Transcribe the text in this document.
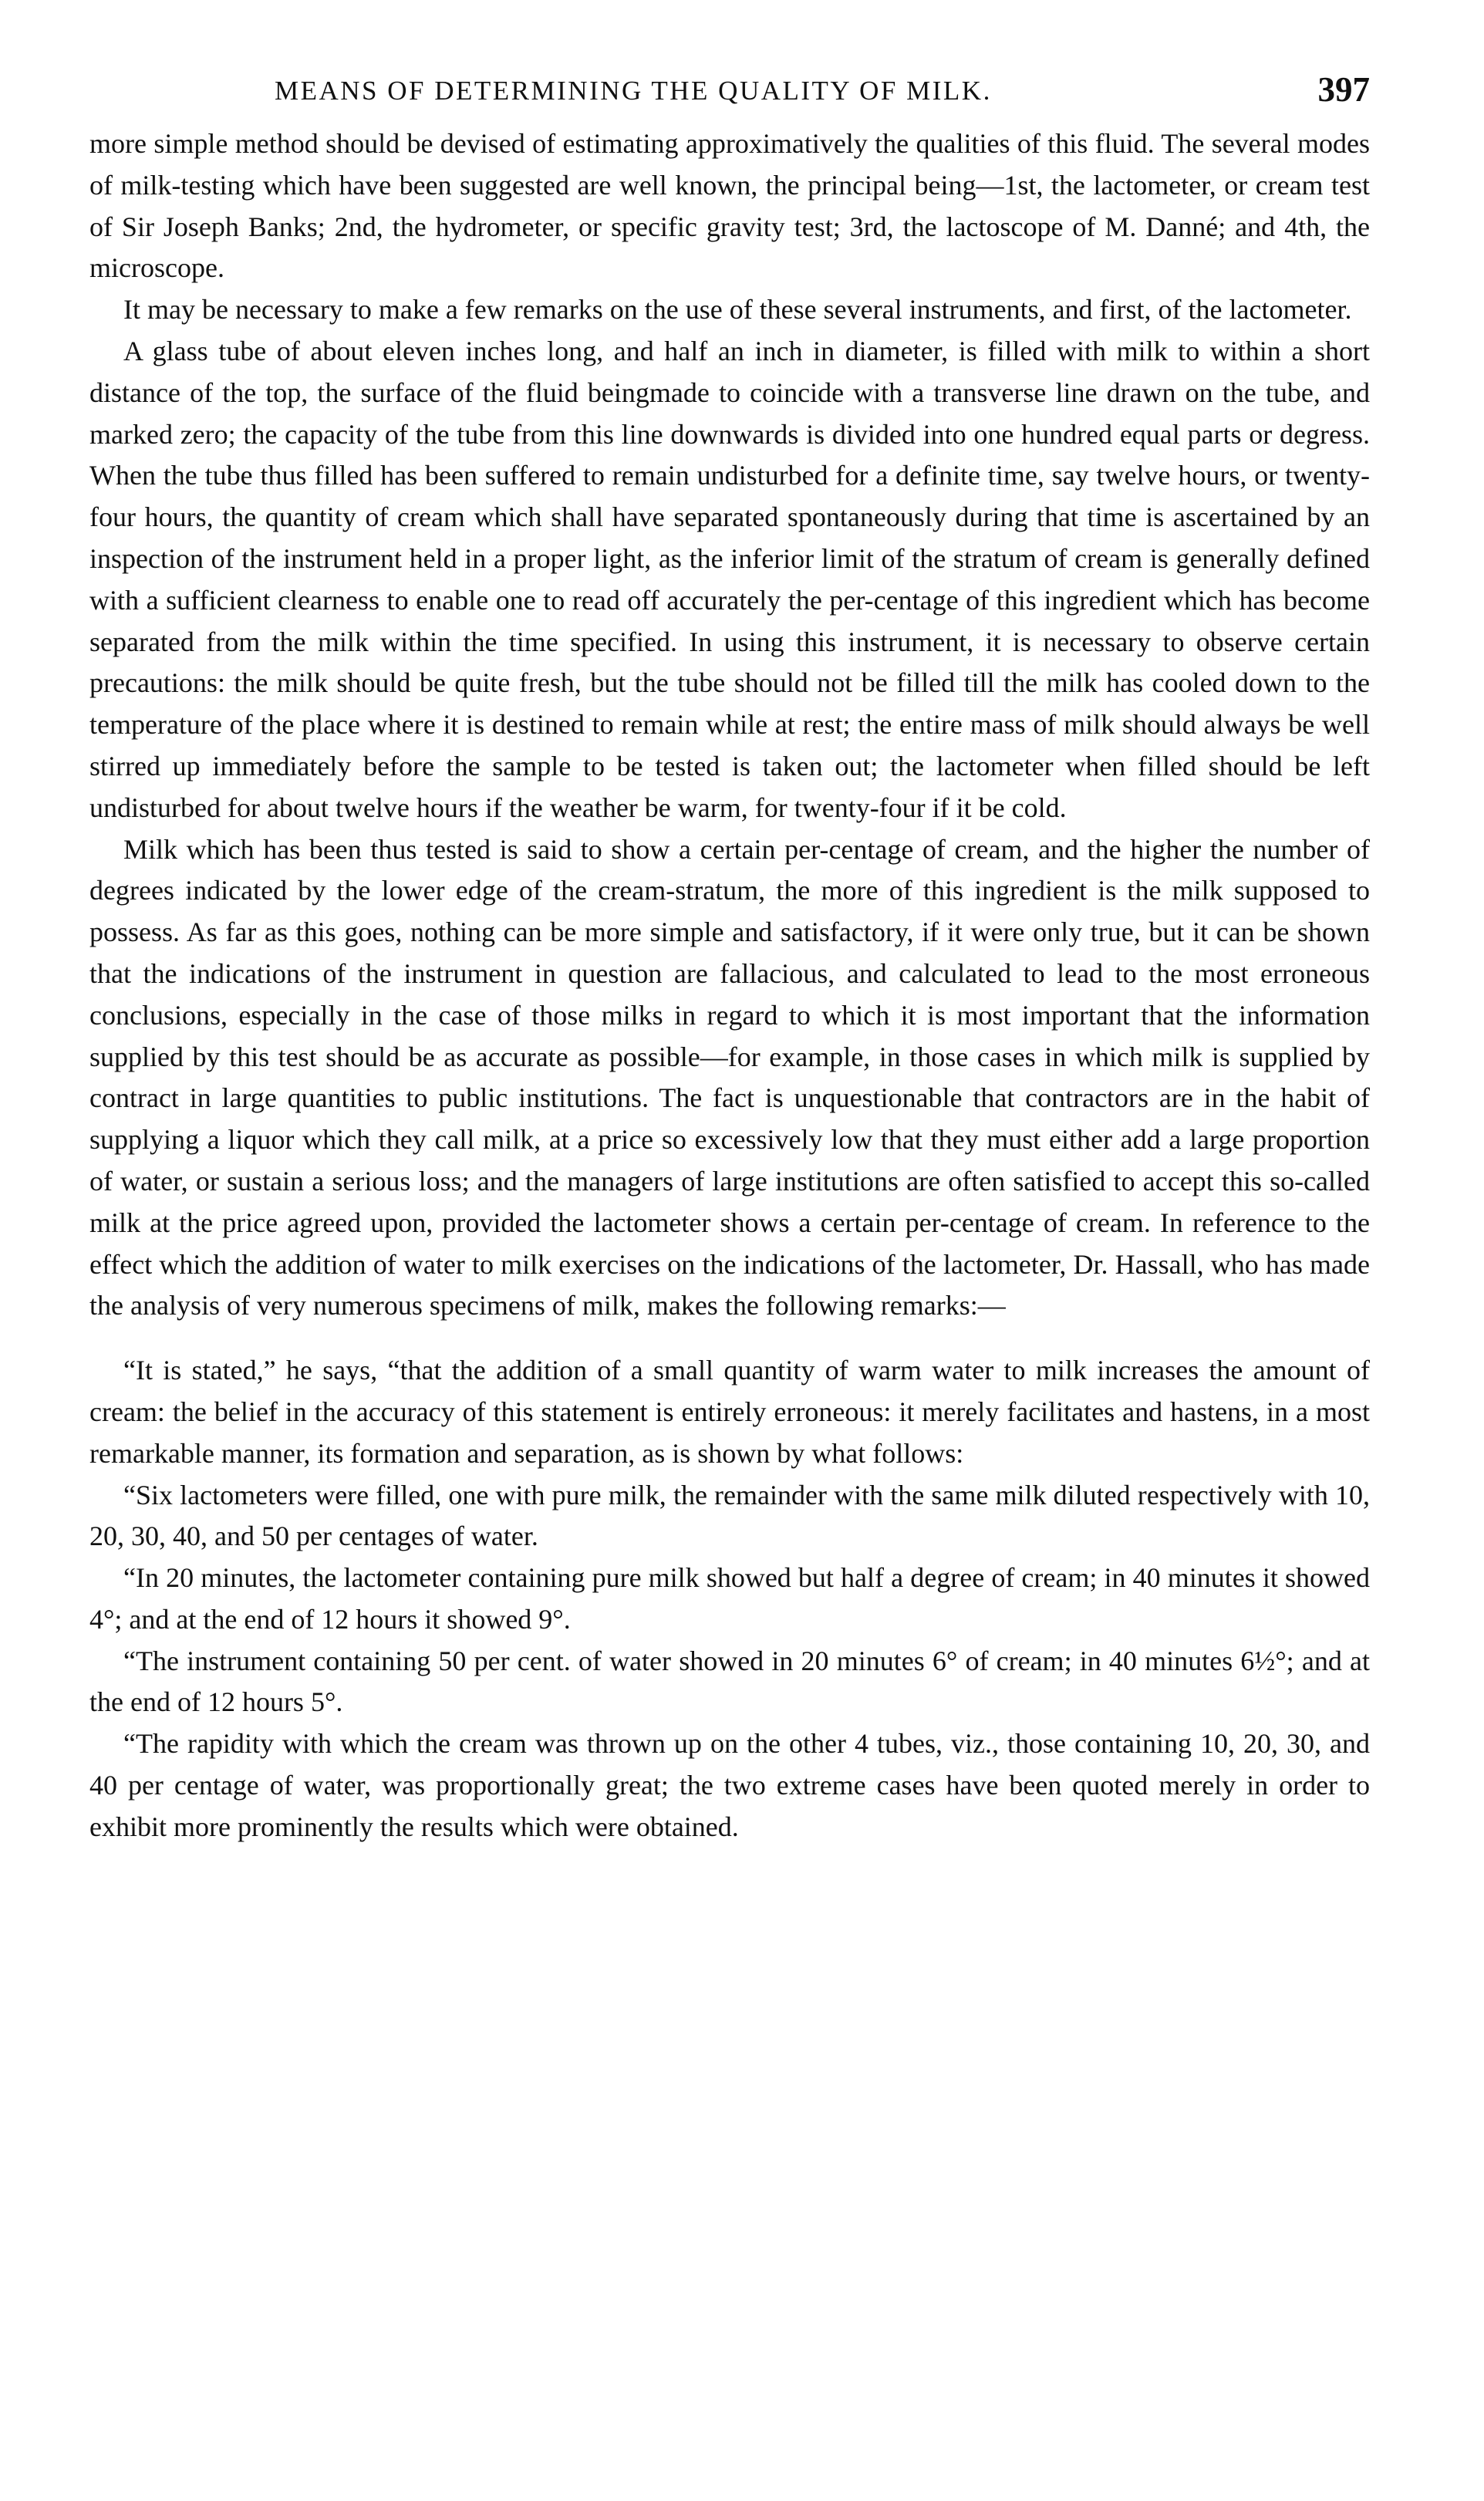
MEANS OF DETERMINING THE QUALITY OF MILK.	397

more simple method should be devised of estimating approximatively the qualities of this fluid. The several modes of milk-testing which have been suggested are well known, the principal being—1st, the lactometer, or cream test of Sir Joseph Banks; 2nd, the hydrometer, or specific gravity test; 3rd, the lactoscope of M. Danné; and 4th, the microscope.

It may be necessary to make a few remarks on the use of these several instruments, and first, of the lactometer.

A glass tube of about eleven inches long, and half an inch in diameter, is filled with milk to within a short distance of the top, the surface of the fluid beingmade to coincide with a transverse line drawn on the tube, and marked zero; the capacity of the tube from this line downwards is divided into one hundred equal parts or degress. When the tube thus filled has been suffered to remain undisturbed for a definite time, say twelve hours, or twenty-four hours, the quantity of cream which shall have separated spontaneously during that time is ascertained by an inspection of the instrument held in a proper light, as the inferior limit of the stratum of cream is generally defined with a sufficient clearness to enable one to read off accurately the per-centage of this ingredient which has become separated from the milk within the time specified. In using this instrument, it is necessary to observe certain precautions: the milk should be quite fresh, but the tube should not be filled till the milk has cooled down to the temperature of the place where it is destined to remain while at rest; the entire mass of milk should always be well stirred up immediately before the sample to be tested is taken out; the lactometer when filled should be left undisturbed for about twelve hours if the weather be warm, for twenty-four if it be cold.

Milk which has been thus tested is said to show a certain per-centage of cream, and the higher the number of degrees indicated by the lower edge of the cream-stratum, the more of this ingredient is the milk supposed to possess. As far as this goes, nothing can be more simple and satisfactory, if it were only true, but it can be shown that the indications of the instrument in question are fallacious, and calculated to lead to the most erroneous conclusions, especially in the case of those milks in regard to which it is most important that the information supplied by this test should be as accurate as possible—for example, in those cases in which milk is supplied by contract in large quantities to public institutions. The fact is unquestionable that contractors are in the habit of supplying a liquor which they call milk, at a price so excessively low that they must either add a large proportion of water, or sustain a serious loss; and the managers of large institutions are often satisfied to accept this so-called milk at the price agreed upon, provided the lactometer shows a certain per-centage of cream. In reference to the effect which the addition of water to milk exercises on the indications of the lactometer, Dr. Hassall, who has made the analysis of very numerous specimens of milk, makes the following remarks:—

“It is stated,” he says, “that the addition of a small quantity of warm water to milk increases the amount of cream: the belief in the accuracy of this statement is entirely erroneous: it merely facilitates and hastens, in a most remarkable manner, its formation and separation, as is shown by what follows:

“Six lactometers were filled, one with pure milk, the remainder with the same milk diluted respectively with 10, 20, 30, 40, and 50 per centages of water.

“In 20 minutes, the lactometer containing pure milk showed but half a degree of cream; in 40 minutes it showed 4°; and at the end of 12 hours it showed 9°.

“The instrument containing 50 per cent. of water showed in 20 minutes 6° of cream; in 40 minutes 6½°; and at the end of 12 hours 5°.

“The rapidity with which the cream was thrown up on the other 4 tubes, viz., those containing 10, 20, 30, and 40 per centage of water, was proportionally great; the two extreme cases have been quoted merely in order to exhibit more prominently the results which were obtained.
